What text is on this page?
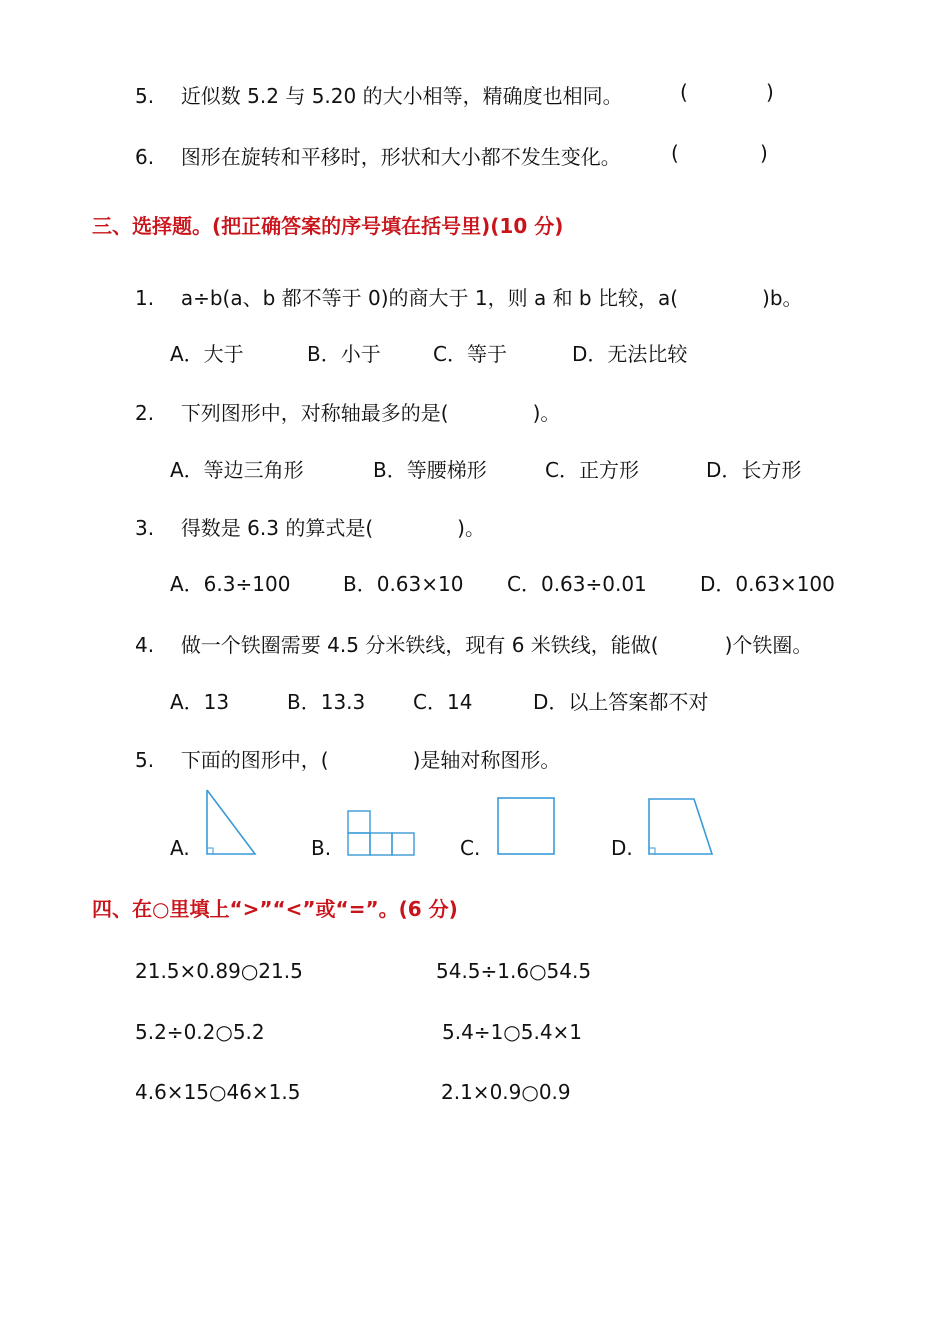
5. 近似数 5.2 与 5.20 的大小相等，精确度也相同。	(	)
6. 图形在旋转和平移时，形状和大小都不发生变化。	(	)
三、选择题。(把正确答案的序号填在括号里)(10 分)
1. a÷b(a、b 都不等于 0)的商大于 1，则 a 和 b 比较，a(	)b。
A．大于	B．小于	C．等于	D．无法比较
2. 下列图形中，对称轴最多的是(	)。
A．等边三角形	B．等腰梯形	C．正方形	D．长方形
3. 得数是 6.3 的算式是(	)。
A．6.3÷100	B．0.63×10 C．0.63÷0.01	D．0.63×100
4. 做一个铁圈需要 4.5 分米铁线，现有 6 米铁线，能做(	)个铁圈。
A．13	B．13.3 C．14	D．以上答案都不对
5. 下面的图形中，(	)是轴对称图形。
A.	B.	C.	D.
四、在○里填上“>”“<”或“=”。(6 分)
21.5×0.89○21.5	54.5÷1.6○54.5
5.2÷0.2○5.2	5.4÷1○5.4×1
4.6×15○46×1.5	2.1×0.9○0.9
